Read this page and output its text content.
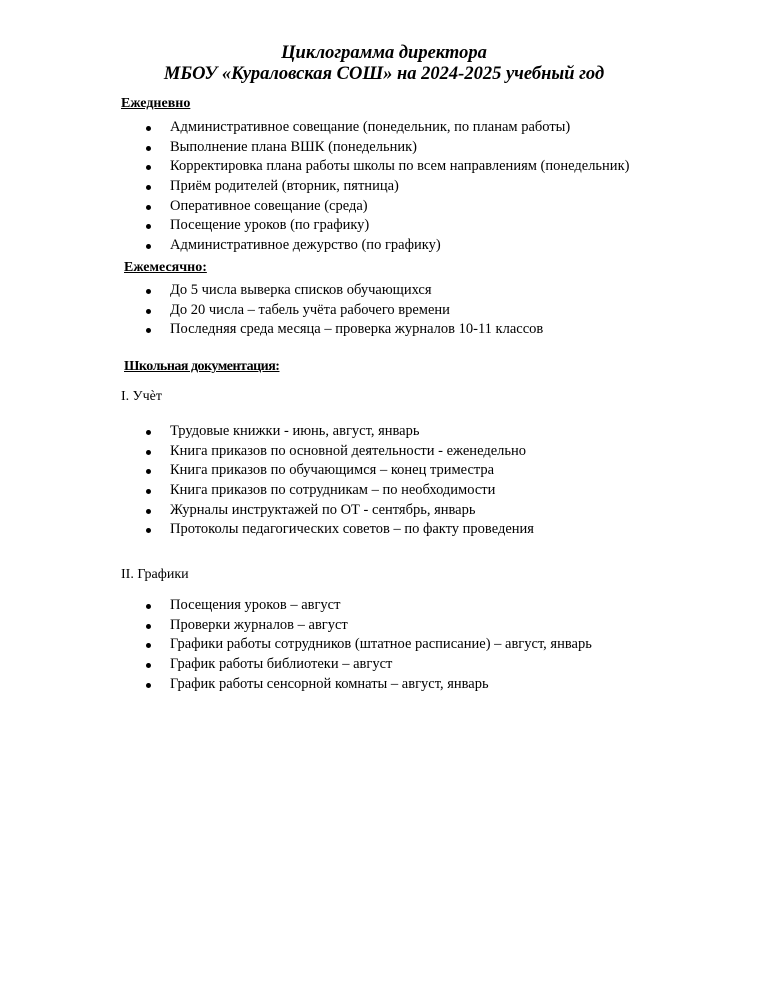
Циклограмма директора
МБОУ «Кураловская СОШ» на 2024-2025 учебный год
Ежедневно
Административное совещание (понедельник, по планам работы)
Выполнение плана ВШК (понедельник)
Корректировка плана работы школы по всем направлениям (понедельник)
Приём родителей (вторник, пятница)
Оперативное совещание (среда)
Посещение уроков (по графику)
Административное дежурство (по графику)
Ежемесячно:
До 5 числа выверка списков обучающихся
До 20 числа – табель учёта рабочего времени
Последняя среда месяца – проверка журналов 10-11 классов
Школьная документация:
I. Учѐт
Трудовые книжки - июнь, август, январь
Книга приказов по основной деятельности - еженедельно
Книга приказов по обучающимся – конец триместра
Книга приказов по сотрудникам – по необходимости
Журналы инструктажей по ОТ - сентябрь, январь
Протоколы педагогических советов – по факту проведения
II. Графики
Посещения уроков – август
Проверки журналов – август
Графики работы сотрудников (штатное расписание) – август, январь
График работы библиотеки – август
График работы сенсорной комнаты – август, январь
